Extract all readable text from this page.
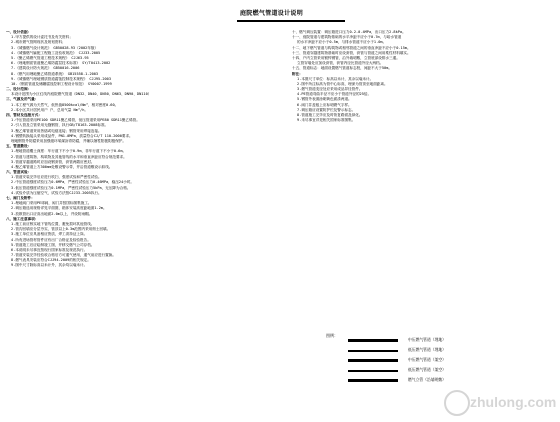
庭院燃气管道设计说明
一、设计依据：
1.甲方提供的设计委托书及有关资料；
2.城市燃气管网现状及规划资料；
3.《城镇燃气设计规范》 GB50028-93（2002年版）
4.《城镇燃气输配工程施工及验收规范》 CJJ33-2005
5.《聚乙烯燃气管道工程技术规程》 CJJ63-95
6.《埋地钢质管道聚乙烯防腐层技术标准》 SY/T0413-2002
7.《建筑设计防火规范》 GB50016-2006
8.《燃气用埋地聚乙烯管道系统》 GB15558.1-2003
9.《城镇燃气埋地钢质管道腐蚀控制技术规程》 CJJ95-2003
10.《钢质管道及储罐腐蚀控制工程设计规范》 SY0007-1999
二、设计范围：
本设计范围为小区红线内庭院燃气管道（DN32、DN40、DN50、DN63、DN90、DN110）
三、气源及用气量：
1.本工程气源为天然气，低热值8500kcal/Nm³，相对密度0.60。
2.本小区共计居民用户 户，总用气量 Nm³/h。
四、管材及连接方式：
1.中压管道采用PE100 SDR11聚乙烯管，低压管道采用PE80 SDR11聚乙烯管。
2.引入管及立管采用无缝钢管，执行GB/T8163-2008标准。
3.聚乙烯管道采用热熔或电熔连接；钢管采用焊接连接。
4.钢塑转换接头采用成品件，PN1.0MPa，质量符合CJ/T 110-2000要求。
埋地钢管外防腐采用加强级环氧煤沥青防腐，并辅以牺牲阳极阴极保护。
五、管道敷设：
1.埋地管道覆土深度：车行道下不小于0.9m，非车行道下不小于0.6m。
2.管道与建筑物、构筑物及其他管线的水平和垂直净距应符合规范要求。
3.管道穿越道路时应加设钢套管，套管两端应密封。
4.聚乙烯管道上方300mm处敷设警示带，并沿管道敷设示踪线。
六、管道试验：
1.管道安装完毕后应进行吹扫、强度试验和严密性试验。
2.中压管道强度试验压力0.6MPa，严密性试验压力0.46MPa，稳压24小时。
3.低压管道强度试验压力0.1MPa，严密性试验压力5kPa，无压降为合格。
4.试验介质为压缩空气，试验方法按CJJ33-2005执行。
七、阀门及附件：
1.埋地阀门采用PE球阀，阀门井按国标图集施工。
2.调压箱选用规格详见平面图，箱体安装高度距地面1.2m。
3.放散管出口应高出地面2.0m以上，并设防雨帽。
八、施工注意事项：
1.施工前应核实地下管线位置，避免损坏其他管线。
2.管沟回填应分层夯实，管顶以上0.3m范围内采用细土回填。
3.施工单位应具备相应资质，焊工须持证上岗。
4.所有进场管材管件应有出厂合格证及检验报告。
5.管道竣工后应绘制竣工图，并移交燃气公司存档。
6.本说明未尽事宜按现行国家标准及规范执行。
7.管道安装完毕经验收合格后方可通气使用，通气前应进行置换。
8.燃气表具安装应符合CJJ94-2009的相关规定。
9.图中尺寸除标高以米计外，其余均以毫米计。
十、燃气调压装置：调压箱进口压力0.2-0.4MPa，出口压力2.8kPa。
十一、庭院管道与建筑物基础的水平净距不应小于0.7m，与给水管道
的水平净距不应小于0.5m，与排水管道不应小于1.0m。
十二、地下燃气管道与构筑物或相邻管道之间的垂直净距不应小于0.15m。
十三、管道穿越建筑物基础时应设套管，套管与管道之间用柔性材料填实。
十四、户内立管采用镀锌钢管，沿外墙明敷，立管底部设排水三通。
立管穿墙处应加设套管，套管内径比管道外径大两档。
十五、管道标志：地面设置燃气管道标志桩，间距不大于50m。
附注：
1.本图尺寸单位：标高以米计，其余以毫米计。
2.图中所注标高为管中心标高，埋深为管顶至地面距离。
3.燃气管道变径处应采用成品异径管件。
4.PE管道弯曲半径不应小于管道外径的25倍。
5.钢管外表面涂刷黄色面漆两道。
6.阀门井盖板上应标明燃气字样。
7.调压箱应设置防护栏及警示标志。
8.管道施工完毕应及时恢复路面及绿化。
9.未尽事宜详见相关国家标准图集。
图例：
中压燃气管道（埋地）
低压燃气管道（埋地）
中压燃气管道（架空）
低压燃气管道（架空）
燃气立管（沿墙明敷）
zhulong.com
